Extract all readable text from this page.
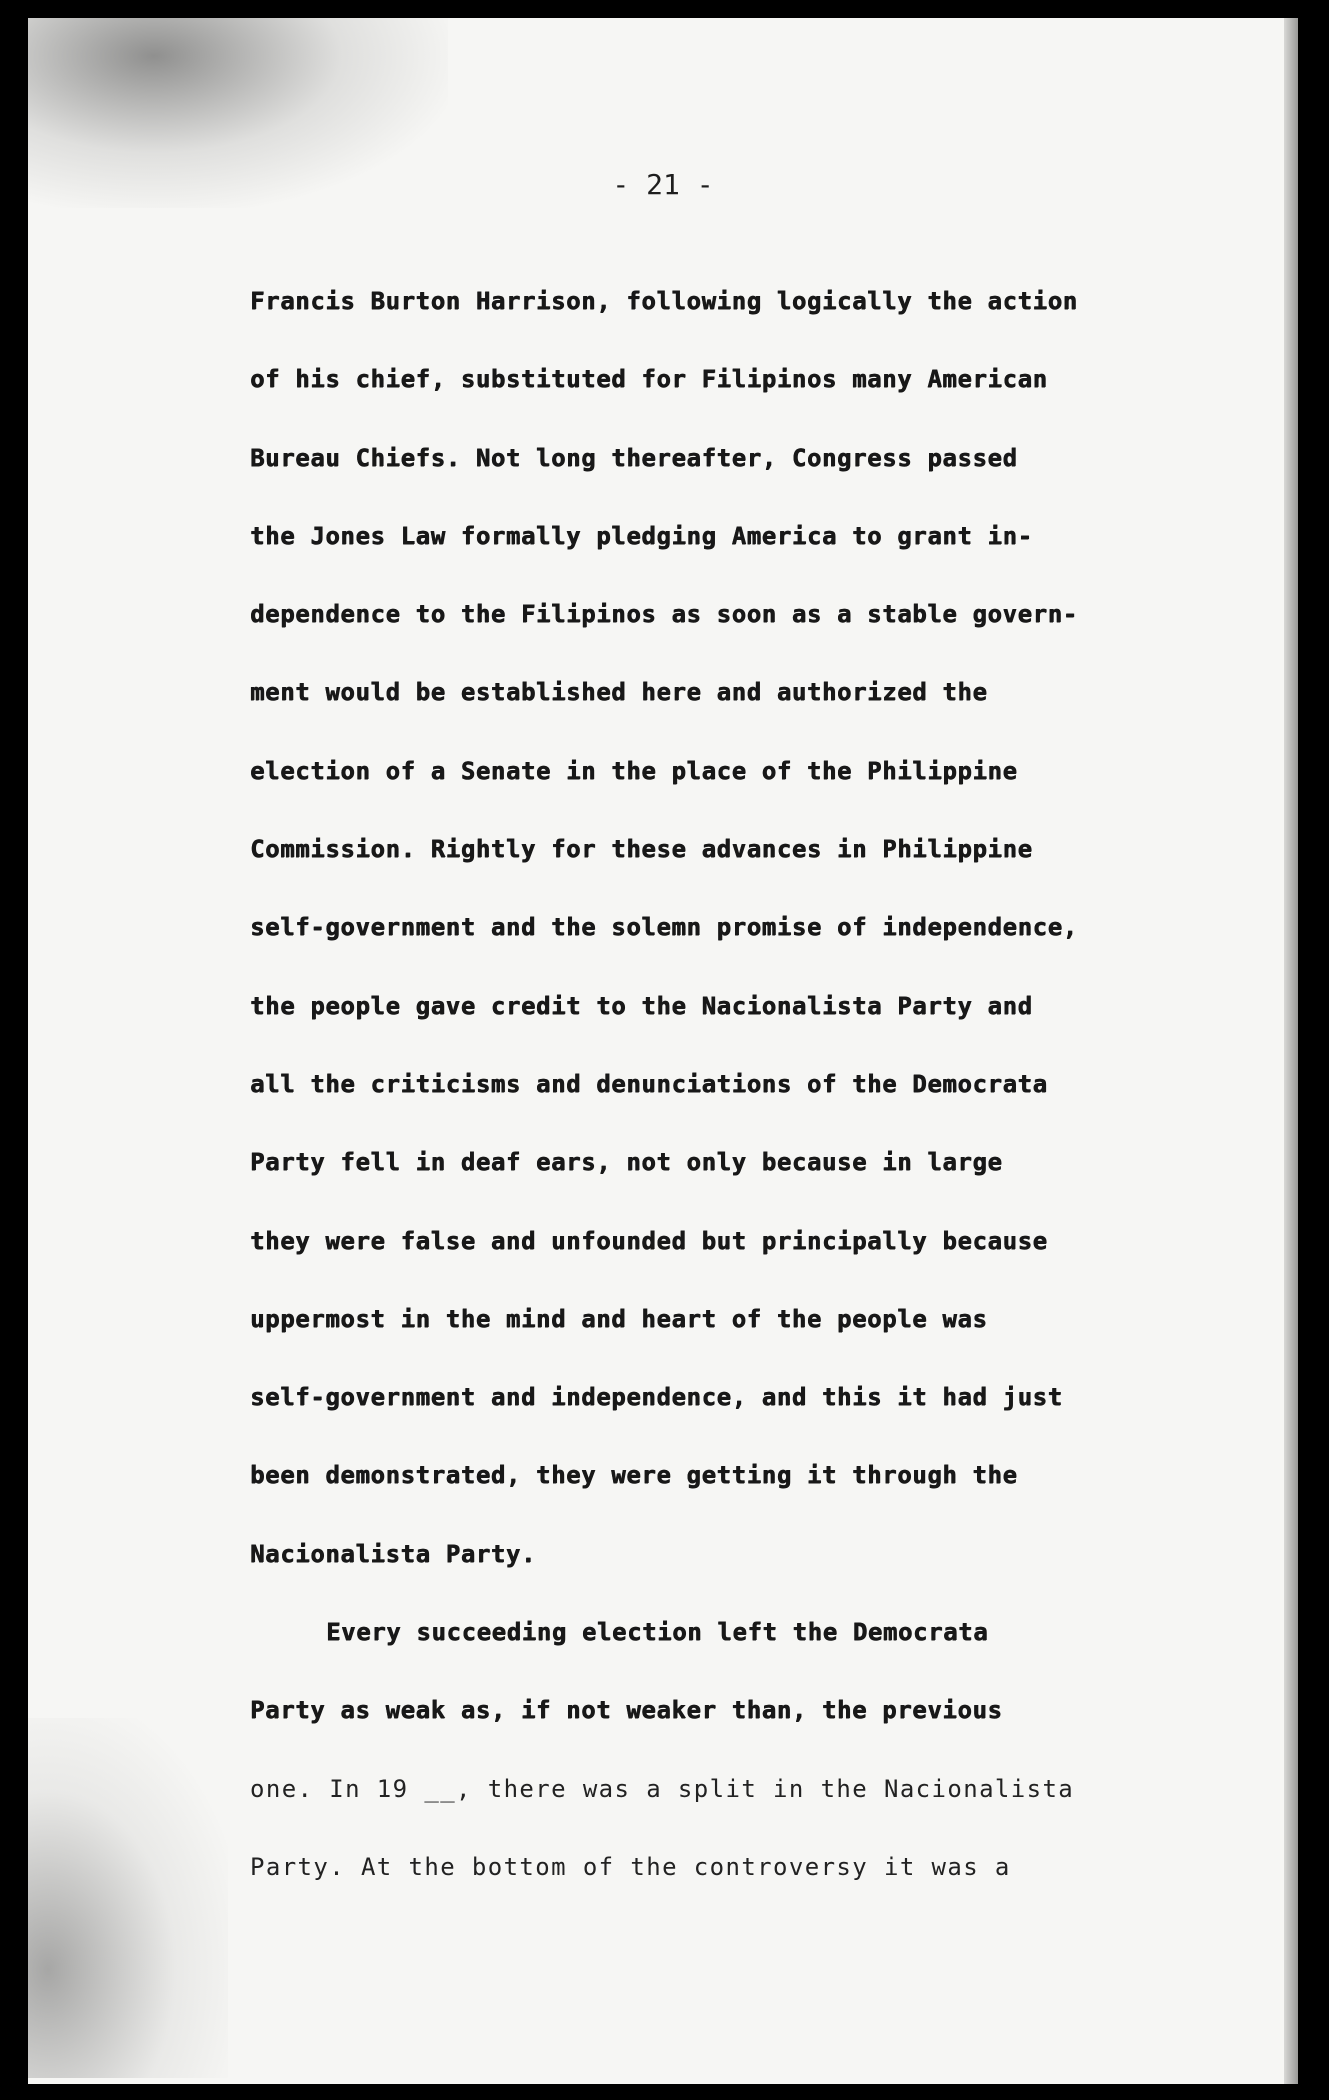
- 21 -
Francis Burton Harrison, following logically the action
of his chief, substituted for Filipinos many American
Bureau Chiefs. Not long thereafter, Congress passed
the Jones Law formally pledging America to grant in-
dependence to the Filipinos as soon as a stable govern-
ment would be established here and authorized the
election of a Senate in the place of the Philippine
Commission. Rightly for these advances in Philippine
self-government and the solemn promise of independence,
the people gave credit to the Nacionalista Party and
all the criticisms and denunciations of the Democrata
Party fell in deaf ears, not only because in large
they were false and unfounded but principally because
uppermost in the mind and heart of the people was
self-government and independence, and this it had just
been demonstrated, they were getting it through the
Nacionalista Party.
Every succeeding election left the Democrata
Party as weak as, if not weaker than, the previous
one. In 19 __, there was a split in the Nacionalista
Party. At the bottom of the controversy it was a
